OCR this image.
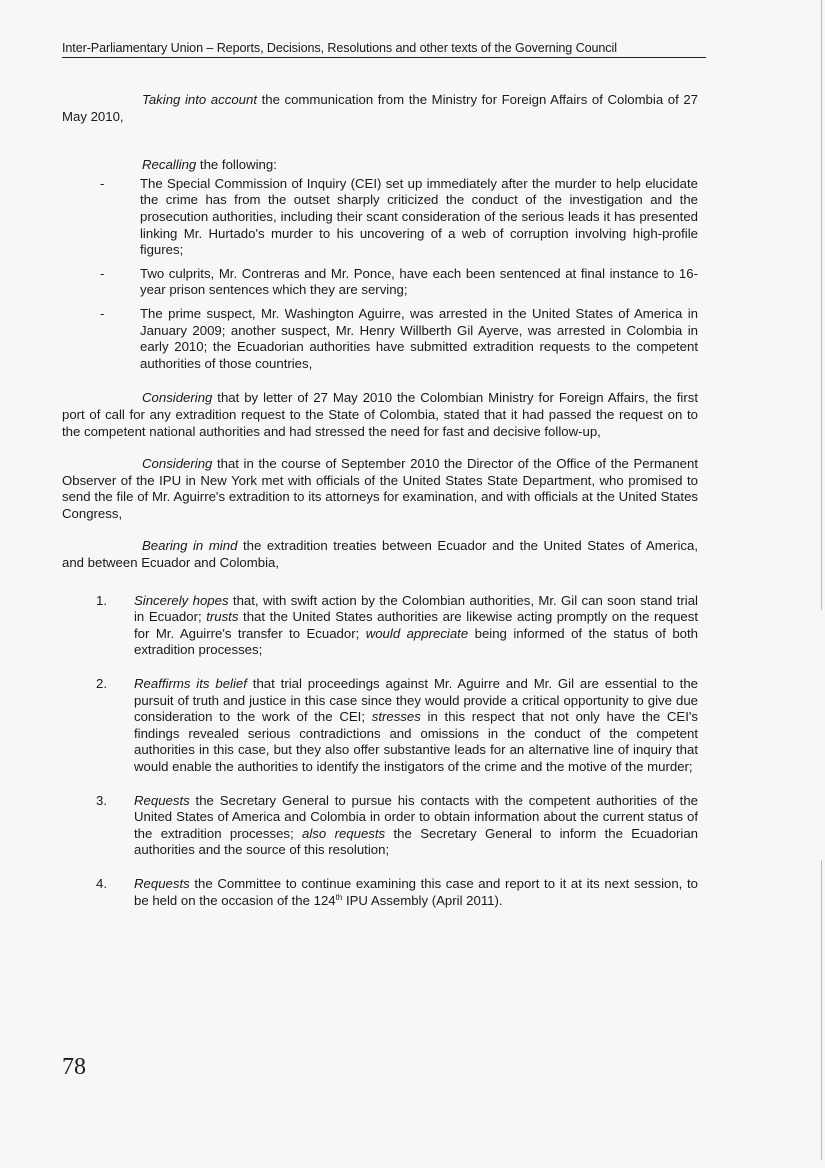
Inter-Parliamentary Union – Reports, Decisions, Resolutions and other texts of the Governing Council

Taking into account the communication from the Ministry for Foreign Affairs of Colombia of 27 May 2010,

Recalling the following:

-	The Special Commission of Inquiry (CEI) set up immediately after the murder to help elucidate the crime has from the outset sharply criticized the conduct of the investigation and the prosecution authorities, including their scant consideration of the serious leads it has presented linking Mr. Hurtado's murder to his uncovering of a web of corruption involving high-profile figures;
-	Two culprits, Mr. Contreras and Mr. Ponce, have each been sentenced at final instance to 16-year prison sentences which they are serving;
-	The prime suspect, Mr. Washington Aguirre, was arrested in the United States of America in January 2009; another suspect, Mr. Henry Willberth Gil Ayerve, was arrested in Colombia in early 2010; the Ecuadorian authorities have submitted extradition requests to the competent authorities of those countries,

Considering that by letter of 27 May 2010 the Colombian Ministry for Foreign Affairs, the first port of call for any extradition request to the State of Colombia, stated that it had passed the request on to the competent national authorities and had stressed the need for fast and decisive follow-up,

Considering that in the course of September 2010 the Director of the Office of the Permanent Observer of the IPU in New York met with officials of the United States State Department, who promised to send the file of Mr. Aguirre's extradition to its attorneys for examination, and with officials at the United States Congress,

Bearing in mind the extradition treaties between Ecuador and the United States of America, and between Ecuador and Colombia,

1. Sincerely hopes that, with swift action by the Colombian authorities, Mr. Gil can soon stand trial in Ecuador; trusts that the United States authorities are likewise acting promptly on the request for Mr. Aguirre's transfer to Ecuador; would appreciate being informed of the status of both extradition processes;
2. Reaffirms its belief that trial proceedings against Mr. Aguirre and Mr. Gil are essential to the pursuit of truth and justice in this case since they would provide a critical opportunity to give due consideration to the work of the CEI; stresses in this respect that not only have the CEI's findings revealed serious contradictions and omissions in the conduct of the competent authorities in this case, but they also offer substantive leads for an alternative line of inquiry that would enable the authorities to identify the instigators of the crime and the motive of the murder;
3. Requests the Secretary General to pursue his contacts with the competent authorities of the United States of America and Colombia in order to obtain information about the current status of the extradition processes; also requests the Secretary General to inform the Ecuadorian authorities and the source of this resolution;
4. Requests the Committee to continue examining this case and report to it at its next session, to be held on the occasion of the 124th IPU Assembly (April 2011).
78
